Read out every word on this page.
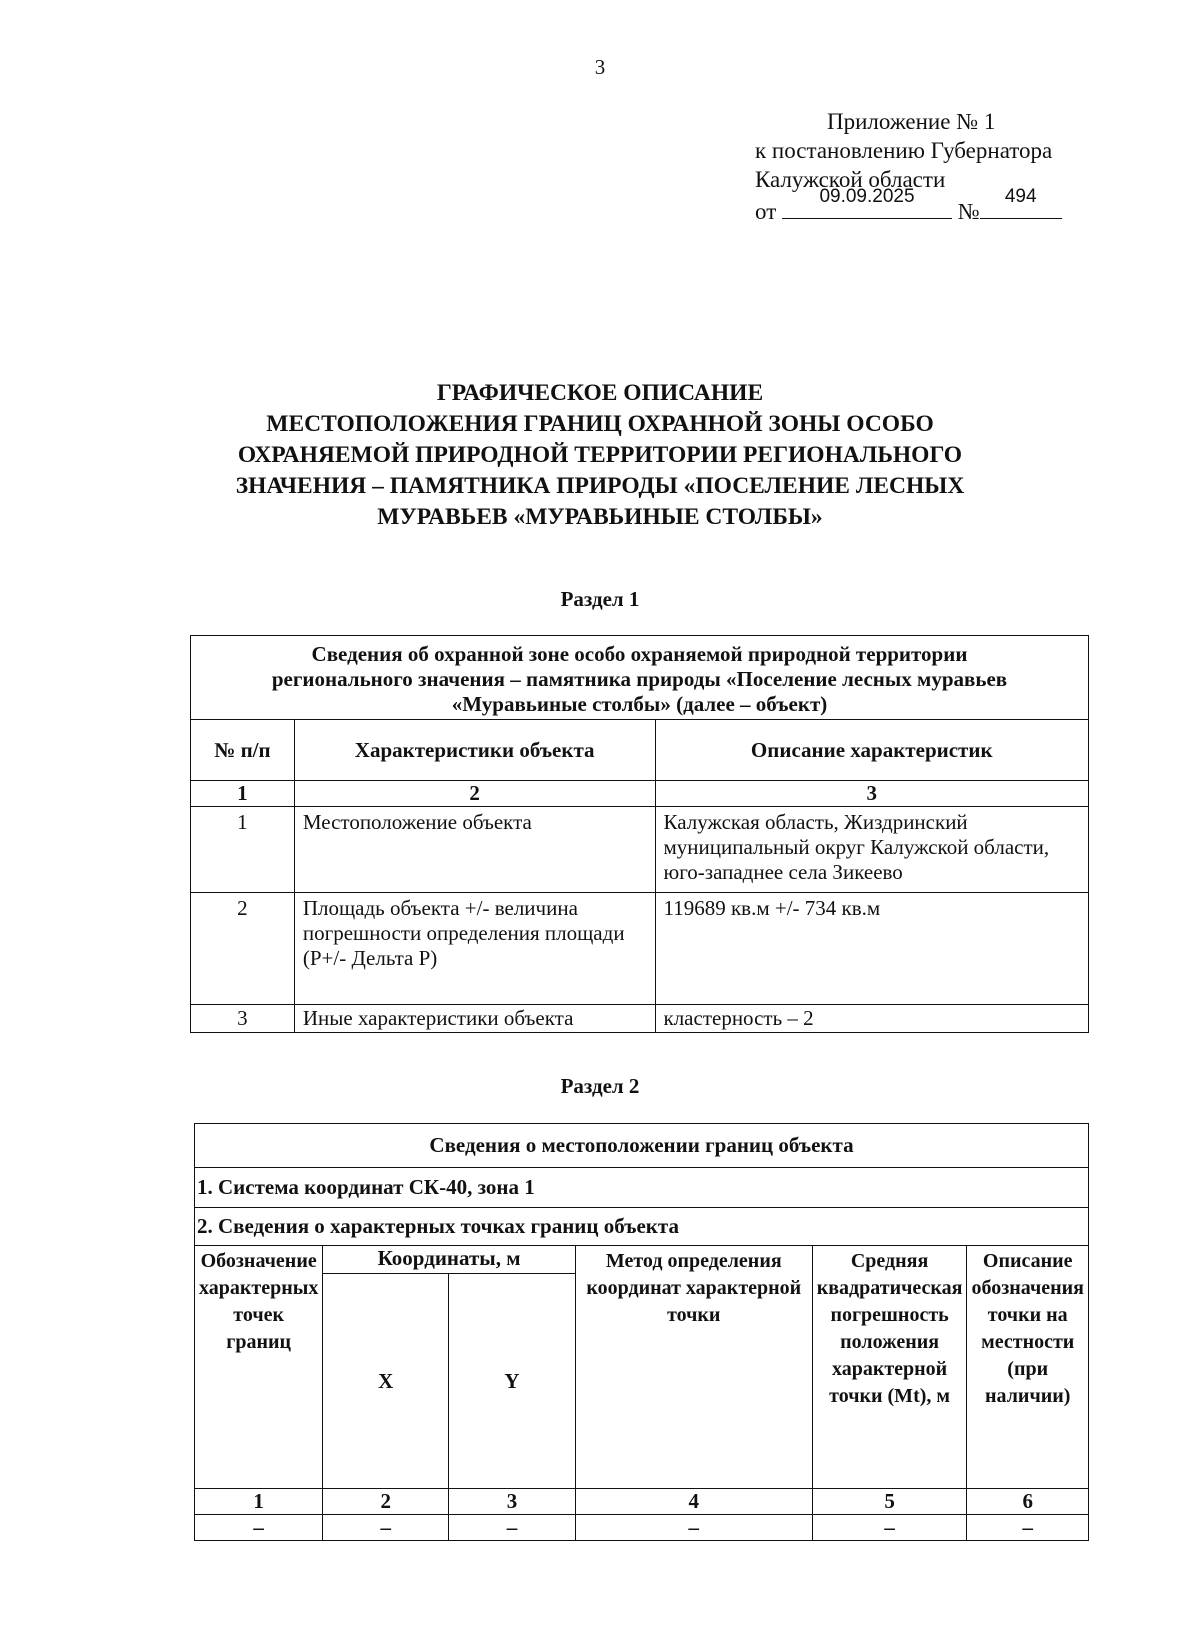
3
Приложение № 1
к постановлению Губернатора
Калужской области
от
09.09.2025
№
494
ГРАФИЧЕСКОЕ ОПИСАНИЕ
МЕСТОПОЛОЖЕНИЯ ГРАНИЦ ОХРАННОЙ ЗОНЫ ОСОБО
ОХРАНЯЕМОЙ ПРИРОДНОЙ ТЕРРИТОРИИ РЕГИОНАЛЬНОГО
ЗНАЧЕНИЯ – ПАМЯТНИКА ПРИРОДЫ «ПОСЕЛЕНИЕ ЛЕСНЫХ
МУРАВЬЕВ «МУРАВЬИНЫЕ СТОЛБЫ»
Раздел 1
Сведения об охранной зоне особо охраняемой природной территории
регионального значения – памятника природы «Поселение лесных муравьев
«Муравьиные столбы» (далее – объект)		

№ п/п	Характеристики объекта	Описание характеристик
1	2	3
1	Местоположение объекта	Калужская область, Жиздринский муниципальный округ Калужской области, юго-западнее села Зикеево
2	Площадь объекта +/- величина погрешности определения площади (P+/- Дельта P)	119689 кв.м +/- 734 кв.м
3	Иные характеристики объекта	кластерность – 2
Раздел 2
Сведения о местоположении границ объекта					
1. Система координат СК-40, зона 1					
2. Сведения о характерных точках границ объекта					
Обозначение характерных точек границ	Координаты, м		Метод определения координат характерной точки	Средняя квадратическая погрешность положения характерной точки (Mt), м	Описание обозначения точки на местности (при наличии)
	X	Y			
1	2	3	4	5	6
–	–	–	–	–	–
